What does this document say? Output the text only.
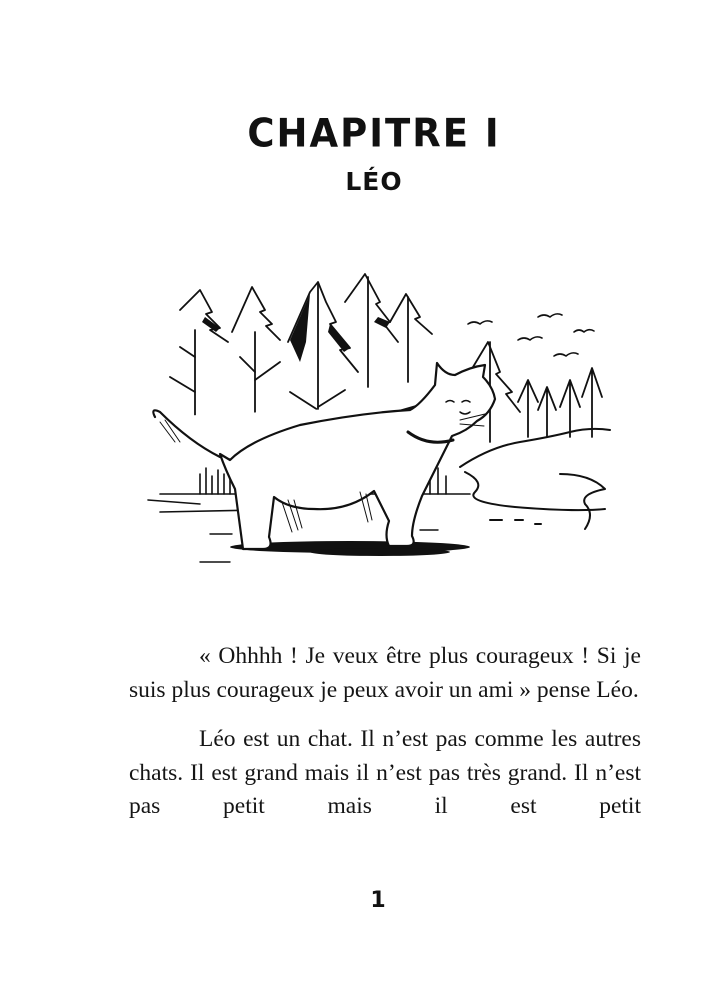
CHAPITRE I
LÉO

« Ohhhh ! Je veux être plus courageux ! Si je suis plus courageux je peux avoir un ami » pense Léo.

Léo est un chat. Il n’est pas comme les autres chats. Il est grand mais il n’est pas très grand. Il n’est pas petit mais il est petit

1
